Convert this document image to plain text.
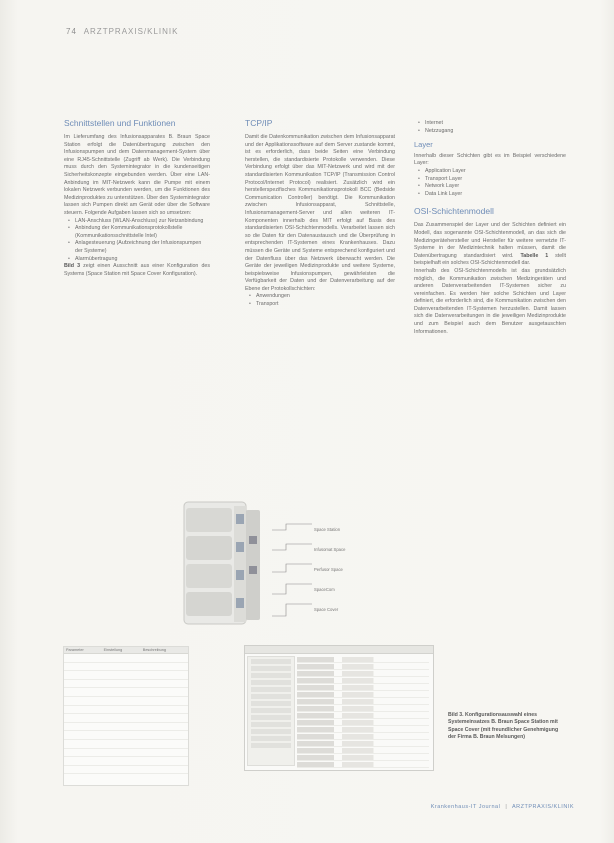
74 ARZTPRAXIS/KLINIK
Schnittstellen und Funktionen

Im Lieferumfang des Infusionsapparates B. Braun Space Station erfolgt die Datenübertragung zwischen den Infusionspumpen und dem Datenmanagement-System über eine RJ45-Schnittstelle (Zugriff ab Werk). Die Verbindung muss durch den Systemintegrator in die kundenseitigen Sicherheitskonzepte eingebunden werden. Über eine LAN-Anbindung im MIT-Netzwerk kann die Pumpe mit einem lokalen Netzwerk verbunden werden, um die Funktionen des Medizinproduktes zu unterstützen. Über den Systemintegrator lassen sich Pumpen direkt am Gerät oder über die Software steuern. Folgende Aufgaben lassen sich so umsetzen:

• LAN-Anschluss (WLAN-Anschluss) zur Netzanbindung
• Anbindung der Kommunikationsprotokollstelle (Kommunikationsschnittstelle Intel)
• Anlagesteuerung (Aufzeichnung der Infusionspumpen der Systeme)
• Alarmübertragung

Bild 3 zeigt einen Ausschnitt aus einer Konfiguration des Systems (Space Station mit Space Cover Konfiguration).

TCP/IP

Damit die Datenkommunikation zwischen dem Infusionsapparat und der Applikationssoftware auf dem Server zustande kommt, ist es erforderlich, dass beide Seiten eine Verbindung herstellen, die standardisierte Protokolle verwenden. Diese Verbindung erfolgt über das MIT-Netzwerk und wird mit der standardisierten Kommunikation TCP/IP (Transmission Control Protocol/Internet Protocol) realisiert. Zusätzlich wird ein herstellerspezifisches Kommunikationsprotokoll BCC (Bedside Communication Controller) benötigt. Die Kommunikation zwischen Infusionsapparat, Schnittstelle, Infusionsmanagement-Server und allen weiteren IT-Komponenten innerhalb des MIT erfolgt auf Basis des standardisierten OSI-Schichtenmodells. Verarbeitet lassen sich so die Daten für den Datenaustausch und die Überprüfung in entsprechenden IT-Systemen eines Krankenhauses. Dazu müssen die Geräte und Systeme entsprechend konfiguriert und der Datenfluss über das Netzwerk überwacht werden. Die Geräte der jeweiligen Medizinprodukte und weitere Systeme, beispielsweise Infusionspumpen, gewährleisten die Verfügbarkeit der Daten und der Datenverarbeitung auf der Ebene der Protokollschichten:

• Anwendungen
• Transport
• Internet
• Netzzugang
Layer

Innerhalb dieser Schichten gibt es im Beispiel verschiedene Layer:

• Application Layer
• Transport Layer
• Network Layer
• Data Link Layer
OSI-Schichtenmodell

Das Zusammenspiel der Layer und der Schichten definiert ein Modell, das sogenannte OSI-Schichtenmodell, an das sich die Medizingerätehersteller und Hersteller für weitere vernetzte IT-Systeme in der Medizintechnik halten müssen, damit die Datenübertragung standardisiert wird. Tabelle 1 stellt beispielhaft ein solches OSI-Schichtenmodell dar.

Innerhalb des OSI-Schichtenmodells ist das grundsätzlich möglich, die Kommunikation zwischen Medizingeräten und anderen Datenverarbeitenden IT-Systemen sicher zu vereinfachen. Es werden hier solche Schichten und Layer definiert, die erforderlich sind, die Kommunikation zwischen den Datenverarbeitenden IT-Systemen herzustellen. Damit lassen sich die Datenverarbeitungen in die jeweiligen Medizinprodukte und zum Beispiel auch dem Benutzer ausgetauschten Informationen.

Space Station
Infusomat Space
Perfusor Space
SpaceCom
Space Cover
Parameter	Einstellung	Beschreibung

Bild 3. Konfigurationsauswahl eines Systemeinsatzes B. Braun Space Station mit Space Cover (mit freundlicher Genehmigung der Firma B. Braun Melsungen)
Krankenhaus-IT Journal | ARZTPRAXIS/KLINIK
